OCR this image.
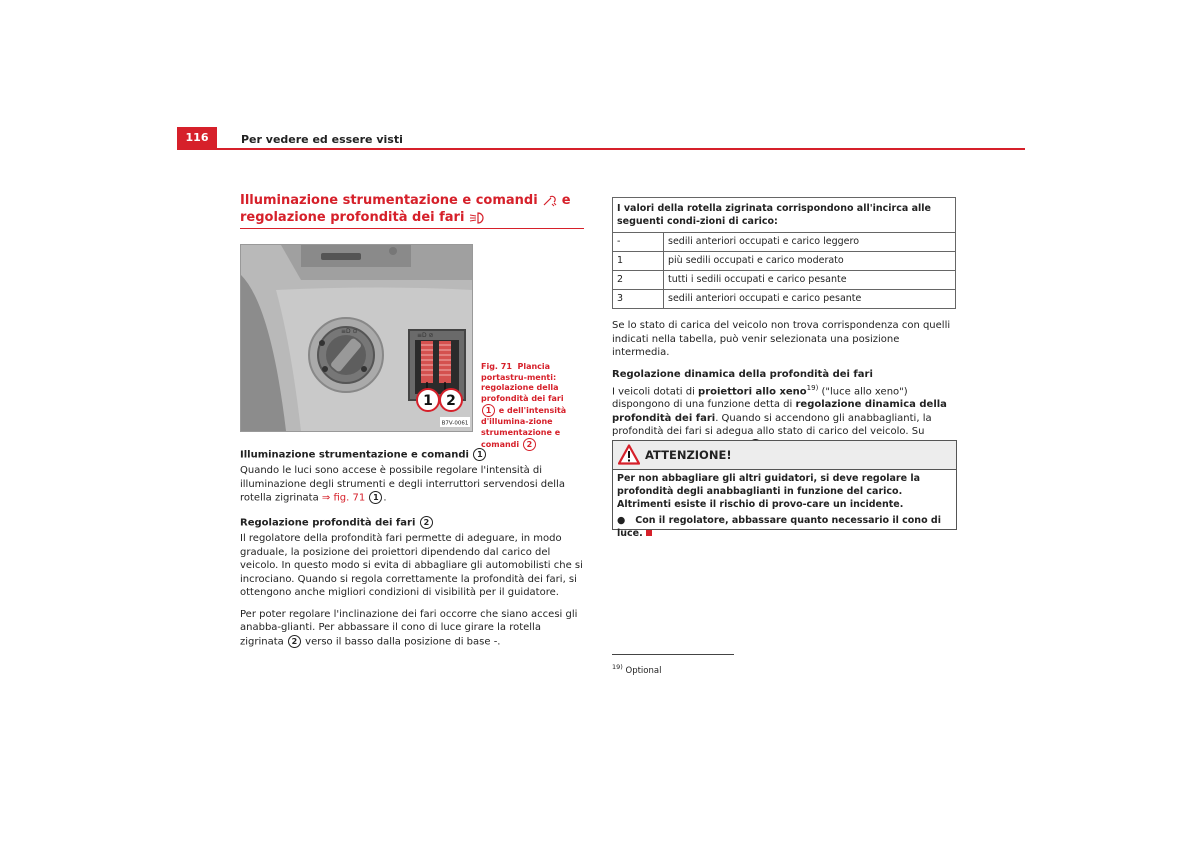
116	Per vedere ed essere visti
Illuminazione strumentazione e comandi e regolazione profondità dei fari
≡D ⊙
≡D ⊘
1 2
B7V-0061
Fig. 71 Plancia portastru-menti: regolazione della profondità dei fari 1 e dell'intensità d'illumina-zione strumentazione e comandi 2
Illuminazione strumentazione e comandi 1
Quando le luci sono accese è possibile regolare l'intensità di illuminazione degli strumenti e degli interruttori servendosi della rotella zigrinata ⇒ fig. 71 1 .
Regolazione profondità dei fari 2
Il regolatore della profondità fari permette di adeguare, in modo graduale, la posizione dei proiettori dipendendo dal carico del veicolo. In questo modo si evita di abbagliare gli automobilisti che si incrociano. Quando si regola correttamente la profondità dei fari, si ottengono anche migliori condizioni di visibilità per il guidatore.
Per poter regolare l'inclinazione dei fari occorre che siano accesi gli anabba-glianti. Per abbassare il cono di luce girare la rotella zigrinata 2 verso il basso dalla posizione di base -.
I valori della rotella zigrinata corrispondono all'incirca alle seguenti condi-zioni di carico:	
-	sedili anteriori occupati e carico leggero
1	più sedili occupati e carico moderato
2	tutti i sedili occupati e carico pesante
3	sedili anteriori occupati e carico pesante
Se lo stato di carica del veicolo non trova corrispondenza con quelli indicati nella tabella, può venir selezionata una posizione intermedia.
Regolazione dinamica della profondità dei fari
I veicoli dotati di proiettori allo xeno$^{19)}$ ("luce allo xeno") dispongono di una funzione detta di regolazione dinamica della profondità dei fari. Quando si accendono gli anabbaglianti, la profondità dei fari si adegua allo stato di carico del veicolo. Su
ATTENZIONE!
Per non abbagliare gli altri guidatori, si deve regolare la profondità degli anabbaglianti in funzione del carico. Altrimenti esiste il rischio di provo-care un incidente.
● Con il regolatore, abbassare quanto necessario il cono di luce.
$^{19)}$ Optional
